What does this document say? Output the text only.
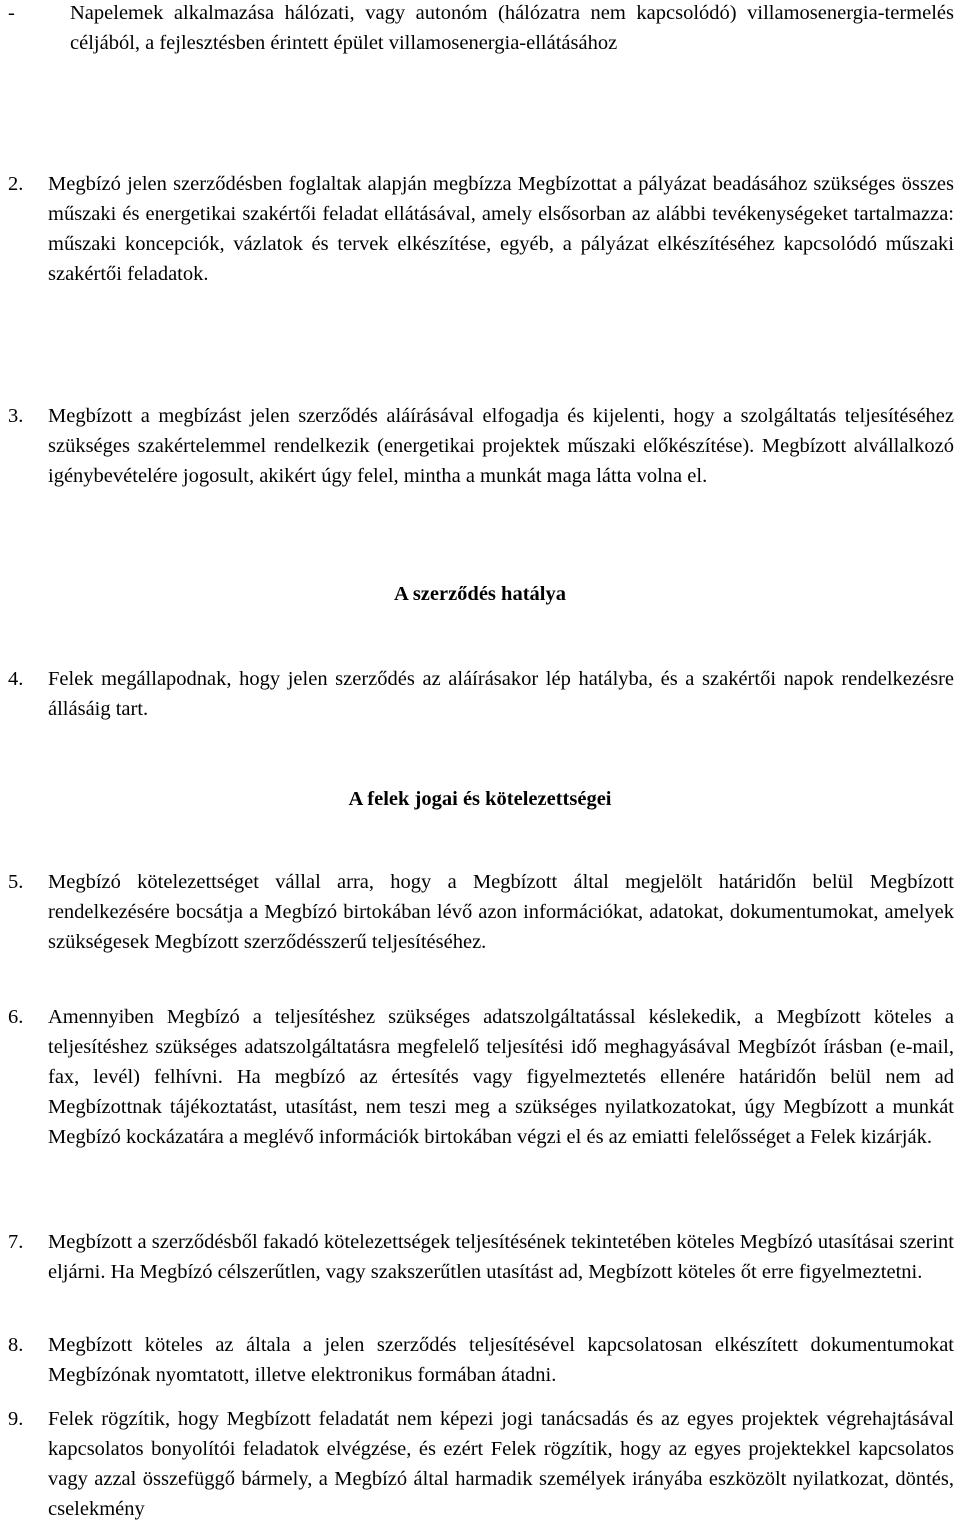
-	Napelemek alkalmazása hálózati, vagy autonóm (hálózatra nem kapcsolódó) villamosenergia-termelés céljából, a fejlesztésben érintett épület villamosenergia-ellátásához
2. Megbízó jelen szerződésben foglaltak alapján megbízza Megbízottat a pályázat beadásához szükséges összes műszaki és energetikai szakértői feladat ellátásával, amely elsősorban az alábbi tevékenységeket tartalmazza: műszaki koncepciók, vázlatok és tervek elkészítése, egyéb, a pályázat elkészítéséhez kapcsolódó műszaki szakértői feladatok.
3. Megbízott a megbízást jelen szerződés aláírásával elfogadja és kijelenti, hogy a szolgáltatás teljesítéséhez szükséges szakértelemmel rendelkezik (energetikai projektek műszaki előkészítése). Megbízott alvállalkozó igénybevételére jogosult, akikért úgy felel, mintha a munkát maga látta volna el.
A szerződés hatálya
4. Felek megállapodnak, hogy jelen szerződés az aláírásakor lép hatályba, és a szakértői napok rendelkezésre állásáig tart.
A felek jogai és kötelezettségei
5. Megbízó kötelezettséget vállal arra, hogy a Megbízott által megjelölt határidőn belül Megbízott rendelkezésére bocsátja a Megbízó birtokában lévő azon információkat, adatokat, dokumentumokat, amelyek szükségesek Megbízott szerződésszerű teljesítéséhez.
6. Amennyiben Megbízó a teljesítéshez szükséges adatszolgáltatással késlekedik, a Megbízott köteles a teljesítéshez szükséges adatszolgáltatásra megfelelő teljesítési idő meghagyásával Megbízót írásban (e-mail, fax, levél) felhívni. Ha megbízó az értesítés vagy figyelmeztetés ellenére határidőn belül nem ad Megbízottnak tájékoztatást, utasítást, nem teszi meg a szükséges nyilatkozatokat, úgy Megbízott a munkát Megbízó kockázatára a meglévő információk birtokában végzi el és az emiatti felelősséget a Felek kizárják.
7. Megbízott a szerződésből fakadó kötelezettségek teljesítésének tekintetében köteles Megbízó utasításai szerint eljárni. Ha Megbízó célszerűtlen, vagy szakszerűtlen utasítást ad, Megbízott köteles őt erre figyelmeztetni.
8. Megbízott köteles az általa a jelen szerződés teljesítésével kapcsolatosan elkészített dokumentumokat Megbízónak nyomtatott, illetve elektronikus formában átadni.
9. Felek rögzítik, hogy Megbízott feladatát nem képezi jogi tanácsadás és az egyes projektek végrehajtásával kapcsolatos bonyolítói feladatok elvégzése, és ezért Felek rögzítik, hogy az egyes projektekkel kapcsolatos vagy azzal összefüggő bármely, a Megbízó által harmadik személyek irányába eszközölt nyilatkozat, döntés, cselekmény
